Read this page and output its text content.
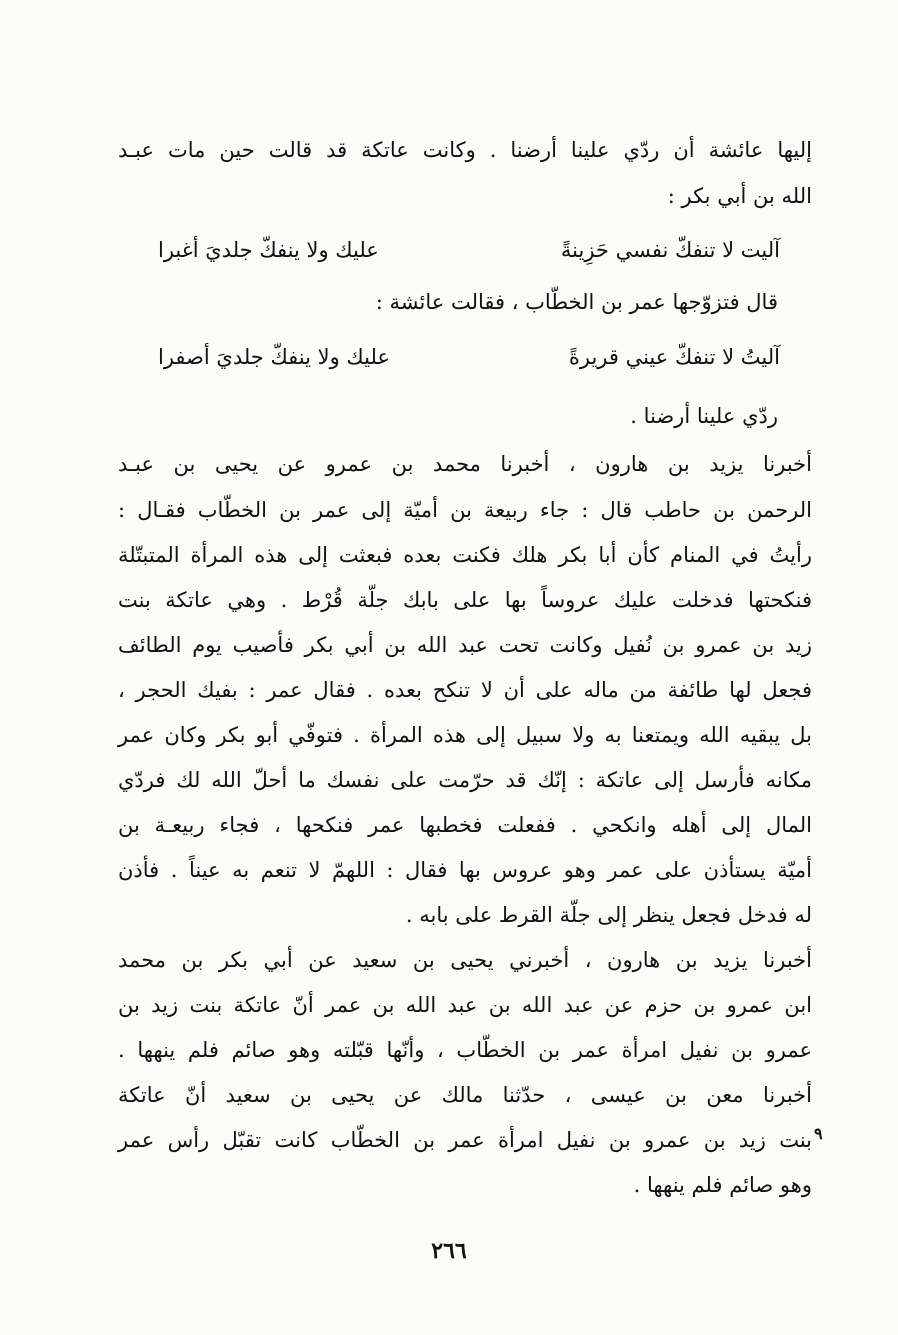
إليها عائشة أن ردّي علينا أرضنا . وكانت عاتكة قد قالت حين مات عبـد
الله بن أبي بكر :
قال فتزوّجها عمر بن الخطّاب ، فقالت عائشة :
ردّي علينا أرضنا .
أخبرنا يزيد بن هارون ، أخبرنا محمد بن عمرو عن يحيى بن عبـد
الرحمن بن حاطب قال : جاء ربيعة بن أميّة إلى عمر بن الخطّاب فقـال :
رأيتُ في المنام كأن أبا بكر هلك فكنت بعده فبعثت إلى هذه المرأة المتبتّلة
فنكحتها فدخلت عليك عروساً بها على بابك جلّة قُرْط . وهي عاتكة بنت
زيد بن عمرو بن نُفيل وكانت تحت عبد الله بن أبي بكر فأصيب يوم الطائف
فجعل لها طائفة من ماله على أن لا تنكح بعده . فقال عمر : بفيك الحجر ،
بل يبقيه الله ويمتعنا به ولا سبيل إلى هذه المرأة . فتوفّي أبو بكر وكان عمر
مكانه فأرسل إلى عاتكة : إنّك قد حرّمت على نفسك ما أحلّ الله لك فردّي
المال إلى أهله وانكحي . ففعلت فخطبها عمر فنكحها ، فجاء ربيعـة بن
أميّة يستأذن على عمر وهو عروس بها فقال : اللهمّ لا تنعم به عيناً . فأذن
له فدخل فجعل ينظر إلى جلّة القرط على بابه .
أخبرنا يزيد بن هارون ، أخبرني يحيى بن سعيد عن أبي بكر بن محمد
ابن عمرو بن حزم عن عبد الله بن عبد الله بن عمر أنّ عاتكة بنت زيد بن
عمرو بن نفيل امرأة عمر بن الخطّاب ، وأنّها قبّلته وهو صائم فلم ينهها .
أخبرنا معن بن عيسى ، حدّثنا مالك عن يحيى بن سعيد أنّ عاتكة
بنت زيد بن عمرو بن نفيل امرأة عمر بن الخطّاب كانت تقبّل رأس عمر
وهو صائم فلم ينهها .
آليت لا تنفكّ نفسي حَزِينةً
عليك ولا ينفكّ جلديَ أغبرا
آليتُ لا تنفكّ عيني قريرةً
عليك ولا ينفكّ جلديَ أصفرا
٩
٢٦٦
